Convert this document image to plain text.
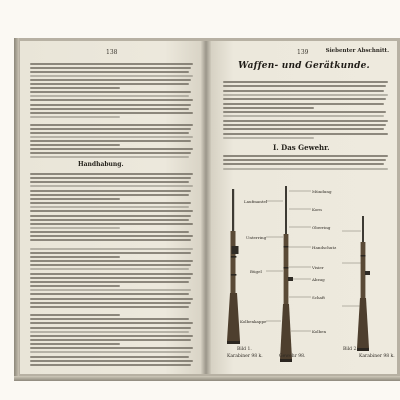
138
Handhabung.
139	Siebenter Abschnitt.
Waffen- und Gerätkunde.
I. Das Gewehr.
Mündung
Korn
Oberring
Handschutz
Visier
Abzug
Schaft
Kolben
Laufmantel
Unterring
Bügel
Kolbenkappe
Bild 1.
Karabiner 98 k.	Gewehr 98.
Bild 2.
Karabiner 98 k.
